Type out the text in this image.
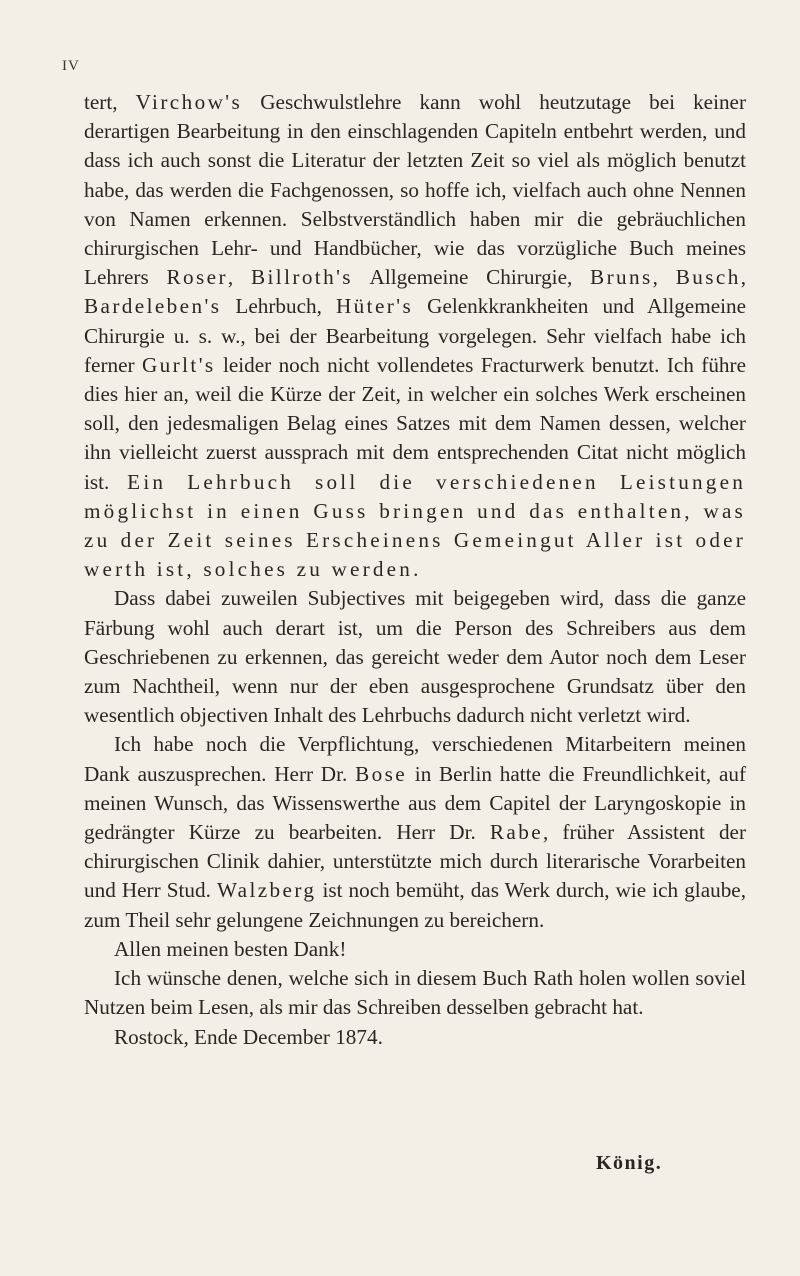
IV

tert, Virchow's Geschwulstlehre kann wohl heutzutage bei keiner derartigen Bearbeitung in den einschlagenden Capiteln entbehrt werden, und dass ich auch sonst die Literatur der letzten Zeit so viel als möglich benutzt habe, das werden die Fachgenossen, so hoffe ich, vielfach auch ohne Nennen von Namen erkennen. Selbstverständlich haben mir die gebräuchlichen chirurgischen Lehr- und Handbücher, wie das vorzügliche Buch meines Lehrers Roser, Billroth's Allgemeine Chirurgie, Bruns, Busch, Bardeleben's Lehrbuch, Hüter's Gelenkkrankheiten und Allgemeine Chirurgie u. s. w., bei der Bearbeitung vorgelegen. Sehr vielfach habe ich ferner Gurlt's leider noch nicht vollendetes Fracturwerk benutzt. Ich führe dies hier an, weil die Kürze der Zeit, in welcher ein solches Werk erscheinen soll, den jedesmaligen Belag eines Satzes mit dem Namen dessen, welcher ihn vielleicht zuerst aussprach mit dem entsprechenden Citat nicht möglich ist. Ein Lehrbuch soll die verschiedenen Leistungen möglichst in einen Guss bringen und das enthalten, was zu der Zeit seines Erscheinens Gemeingut Aller ist oder werth ist, solches zu werden.

Dass dabei zuweilen Subjectives mit beigegeben wird, dass die ganze Färbung wohl auch derart ist, um die Person des Schreibers aus dem Geschriebenen zu erkennen, das gereicht weder dem Autor noch dem Leser zum Nachtheil, wenn nur der eben ausgesprochene Grundsatz über den wesentlich objectiven Inhalt des Lehrbuchs dadurch nicht verletzt wird.

Ich habe noch die Verpflichtung, verschiedenen Mitarbeitern meinen Dank auszusprechen. Herr Dr. Bose in Berlin hatte die Freundlichkeit, auf meinen Wunsch, das Wissenswerthe aus dem Capitel der Laryngoskopie in gedrängter Kürze zu bearbeiten. Herr Dr. Rabe, früher Assistent der chirurgischen Clinik dahier, unterstützte mich durch literarische Vorarbeiten und Herr Stud. Walzberg ist noch bemüht, das Werk durch, wie ich glaube, zum Theil sehr gelungene Zeichnungen zu bereichern.

Allen meinen besten Dank!

Ich wünsche denen, welche sich in diesem Buch Rath holen wollen soviel Nutzen beim Lesen, als mir das Schreiben desselben gebracht hat.

Rostock, Ende December 1874.

König.
